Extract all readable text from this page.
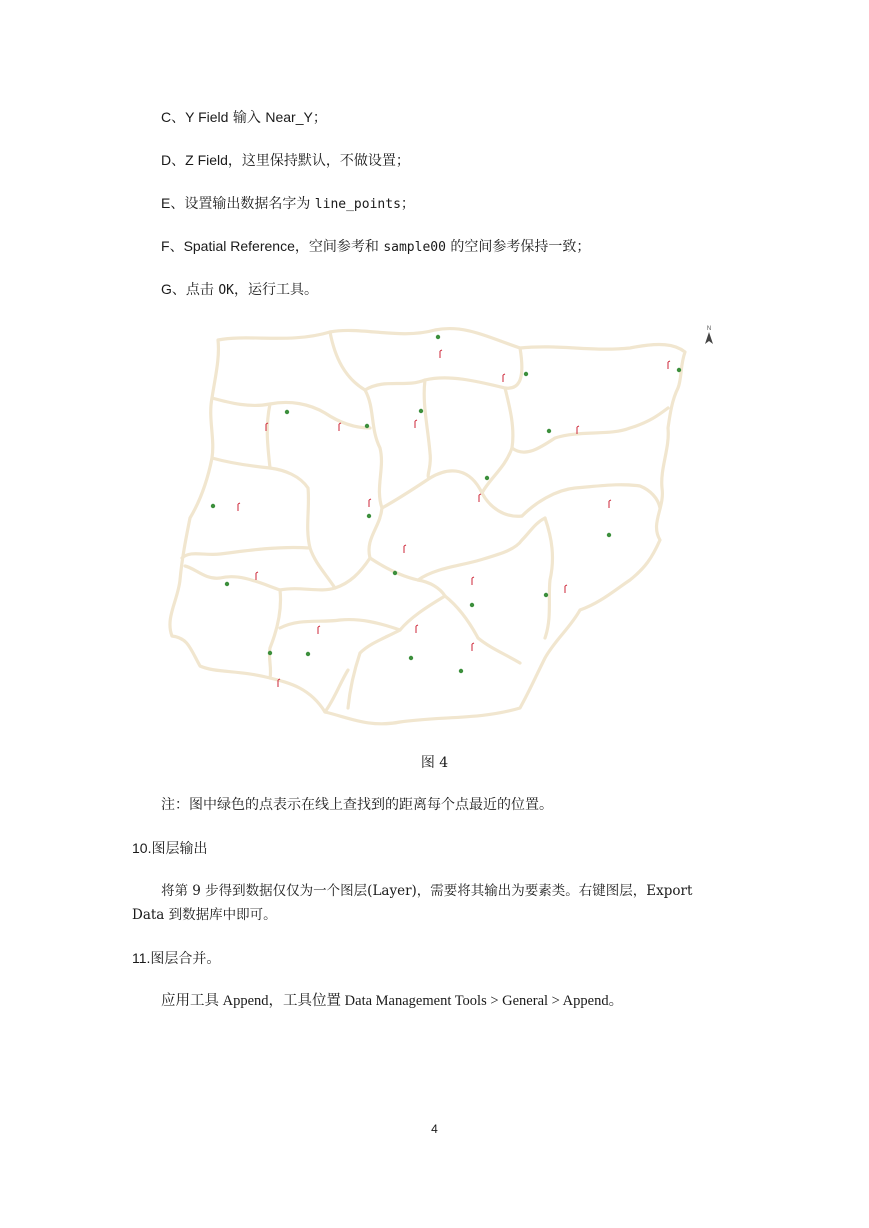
C、Y Field 输入 Near_Y；
D、Z Field，这里保持默认，不做设置；
E、设置输出数据名字为 line_points；
F、Spatial Reference，空间参考和 sample00 的空间参考保持一致；
G、点击 OK，运行工具。
N
图 4
注：图中绿色的点表示在线上查找到的距离每个点最近的位置。
10.图层输出
将第 9 步得到数据仅仅为一个图层(Layer)，需要将其输出为要素类。右键图层，Export
Data 到数据库中即可。
11.图层合并。
应用工具 Append，工具位置 Data Management Tools > General > Append。
4
